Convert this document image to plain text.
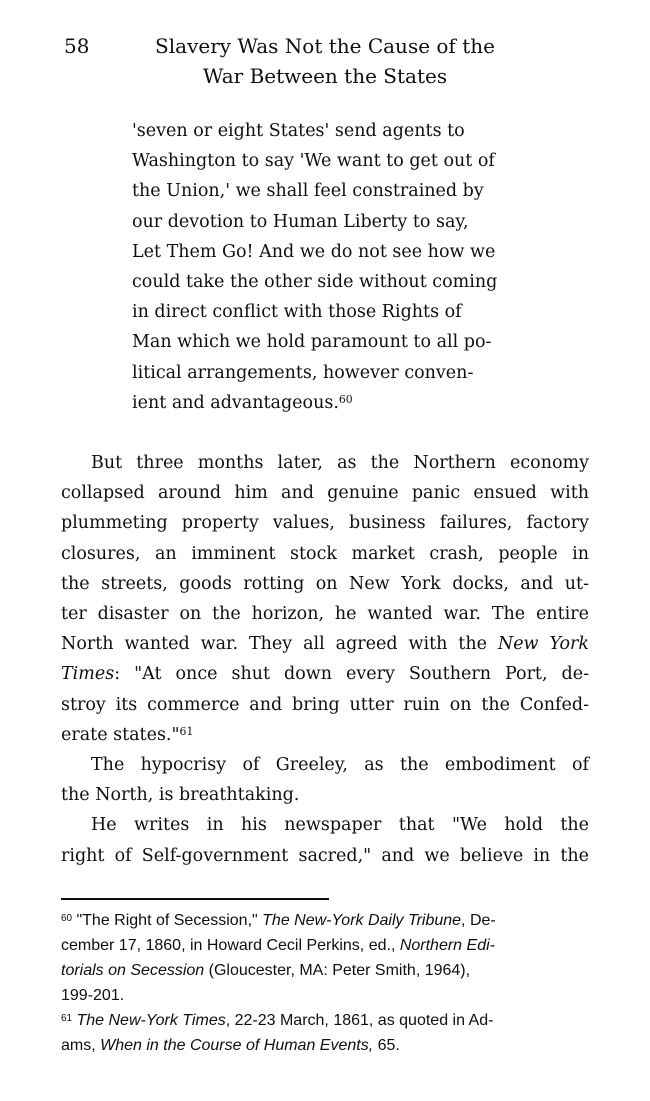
58	Slavery Was Not the Cause of the
War Between the States
'seven or eight States' send agents to
Washington to say 'We want to get out of
the Union,' we shall feel constrained by
our devotion to Human Liberty to say,
Let Them Go! And we do not see how we
could take the other side without coming
in direct conflict with those Rights of
Man which we hold paramount to all po-
litical arrangements, however conven-
ient and advantageous.$^{60}$
But three months later, as the Northern economy
collapsed around him and genuine panic ensued with
plummeting property values, business failures, factory
closures, an imminent stock market crash, people in
the streets, goods rotting on New York docks, and ut-
ter disaster on the horizon, he wanted war. The entire
North wanted war. They all agreed with the New York
Times: "At once shut down every Southern Port, de-
stroy its commerce and bring utter ruin on the Confed-
erate states."$^{61}$
The hypocrisy of Greeley, as the embodiment of
the North, is breathtaking.
He writes in his newspaper that "We hold the
right of Self-government sacred," and we believe in the
$^{60}$ "The Right of Secession," The New-York Daily Tribune, De-
cember 17, 1860, in Howard Cecil Perkins, ed., Northern Edi-
torials on Secession (Gloucester, MA: Peter Smith, 1964),
199-201.
$^{61}$ The New-York Times, 22-23 March, 1861, as quoted in Ad-
ams, When in the Course of Human Events, 65.
